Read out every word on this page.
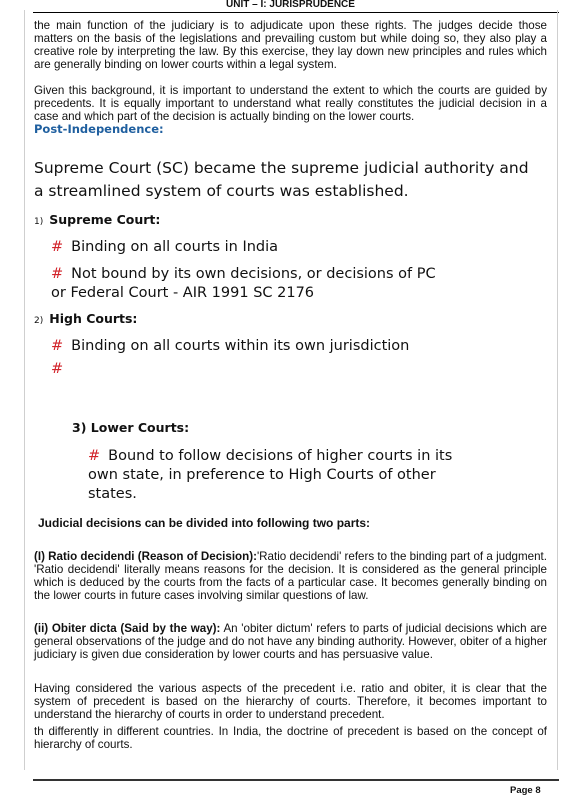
UNIT – I: JURISPRUDENCE
the main function of the judiciary is to adjudicate upon these rights. The judges decide those matters on the basis of the legislations and prevailing custom but while doing so, they also play a creative role by interpreting the law. By this exercise, they lay down new principles and rules which are generally binding on lower courts within a legal system.
Given this background, it is important to understand the extent to which the courts are guided by precedents. It is equally important to understand what really constitutes the judicial decision in a case and which part of the decision is actually binding on the lower courts.
Post-Independence:
Supreme Court (SC) became the supreme judicial authority and a streamlined system of courts was established.
1) Supreme Court:
# Binding on all courts in India
# Not bound by its own decisions, or decisions of PC or Federal Court - AIR 1991 SC 2176
2) High Courts:
# Binding on all courts within its own jurisdiction
#
3) Lower Courts:
# Bound to follow decisions of higher courts in its own state, in preference to High Courts of other states.
Judicial decisions can be divided into following two parts:
(I) Ratio decidendi (Reason of Decision):'Ratio decidendi' refers to the binding part of a judgment. 'Ratio decidendi' literally means reasons for the decision. It is considered as the general principle which is deduced by the courts from the facts of a particular case. It becomes generally binding on the lower courts in future cases involving similar questions of law.
(ii) Obiter dicta (Said by the way): An 'obiter dictum' refers to parts of judicial decisions which are general observations of the judge and do not have any binding authority. However, obiter of a higher judiciary is given due consideration by lower courts and has persuasive value.
Having considered the various aspects of the precedent i.e. ratio and obiter, it is clear that the system of precedent is based on the hierarchy of courts. Therefore, it becomes important to understand the hierarchy of courts in order to understand precedent.
th differently in different countries. In India, the doctrine of precedent is based on the concept of hierarchy of courts.
Page 8
